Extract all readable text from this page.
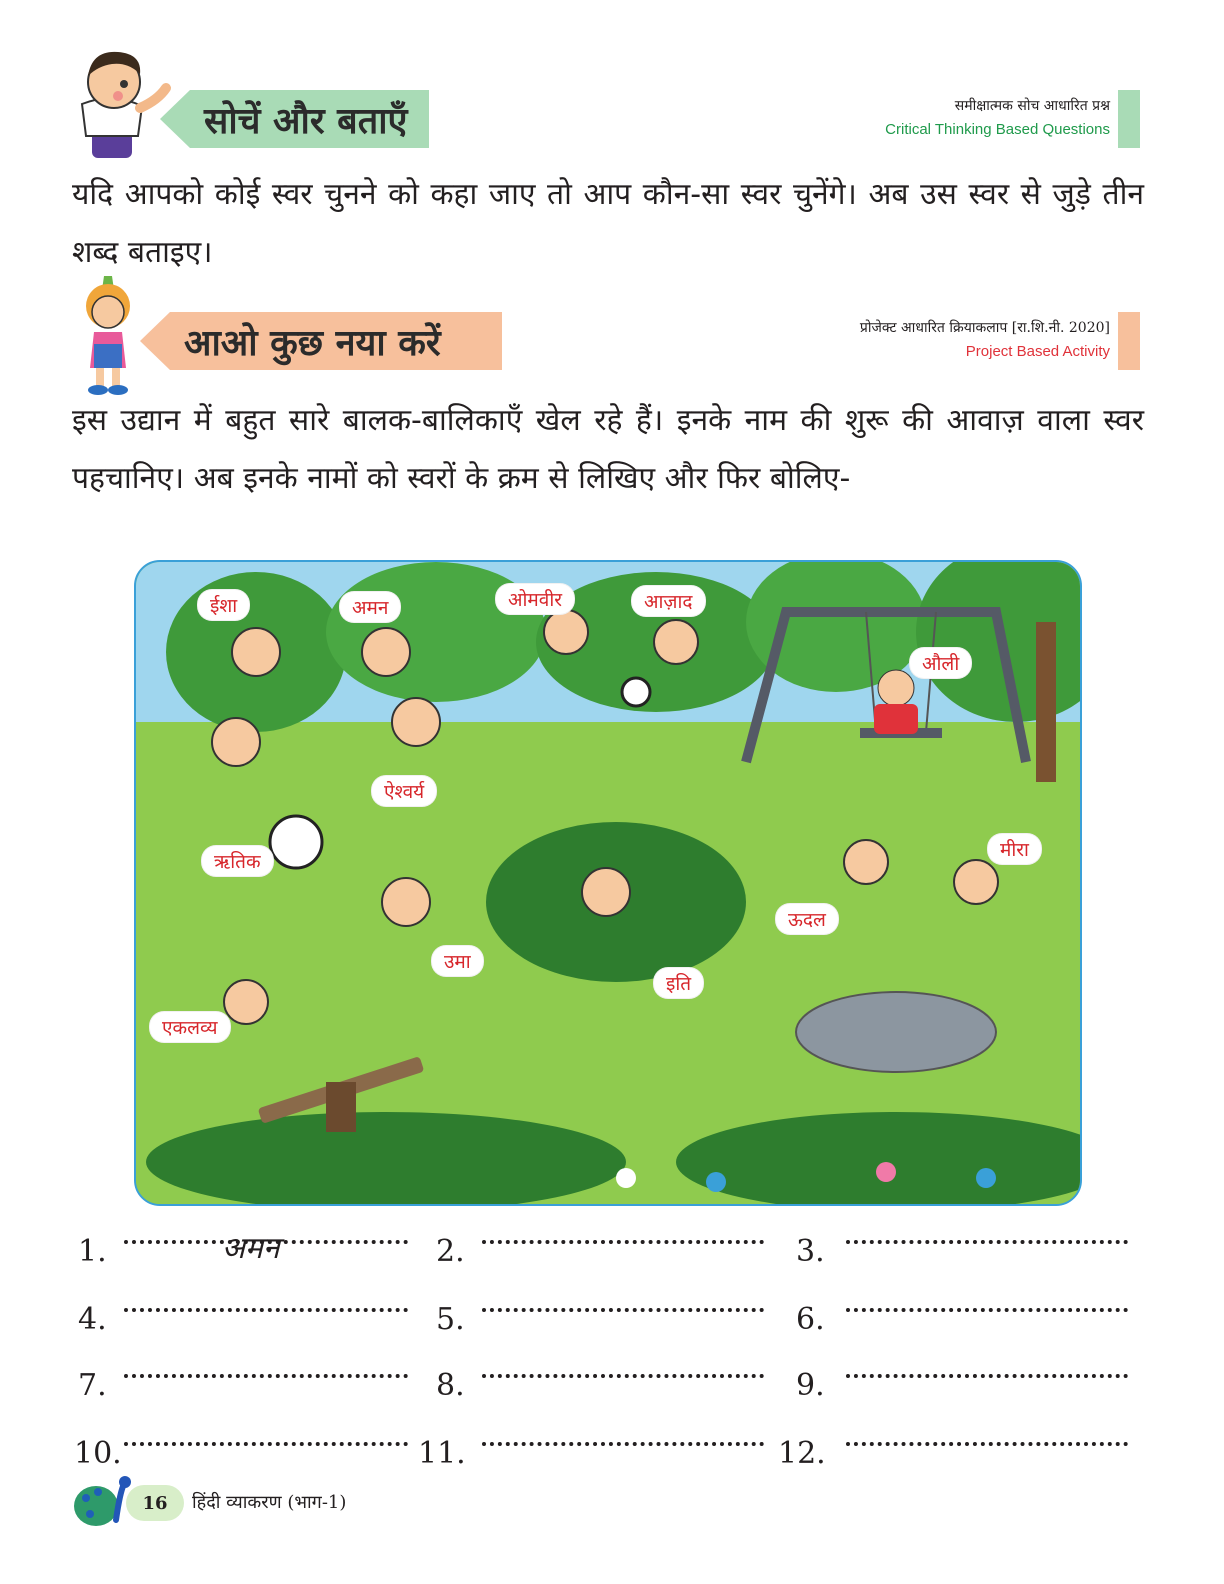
सोचें और बताएँ	समीक्षात्मक सोच आधारित प्रश्न
Critical Thinking Based Questions
यदि आपको कोई स्वर चुनने को कहा जाए तो आप कौन-सा स्वर चुनेंगे। अब उस स्वर से जुड़े तीन शब्द बताइए।
आओ कुछ नया करें	प्रोजेक्ट आधारित क्रियाकलाप [रा.शि.नी. 2020]
Project Based Activity
इस उद्यान में बहुत सारे बालक-बालिकाएँ खेल रहे हैं। इनके नाम की शुरू की आवाज़ वाला स्वर पहचानिए। अब इनके नामों को स्वरों के क्रम से लिखिए और फिर बोलिए-
ईशा	अमन	ओमवीर	आज़ाद
औली
ऐश्वर्य
ऋतिक
मीरा
ऊदल
उमा
इति
एकलव्य
1.	अमन	2.	3.
4.	5.	6.
7.	8.	9.
10.	11.	12.
16	हिंदी व्याकरण (भाग-1)
